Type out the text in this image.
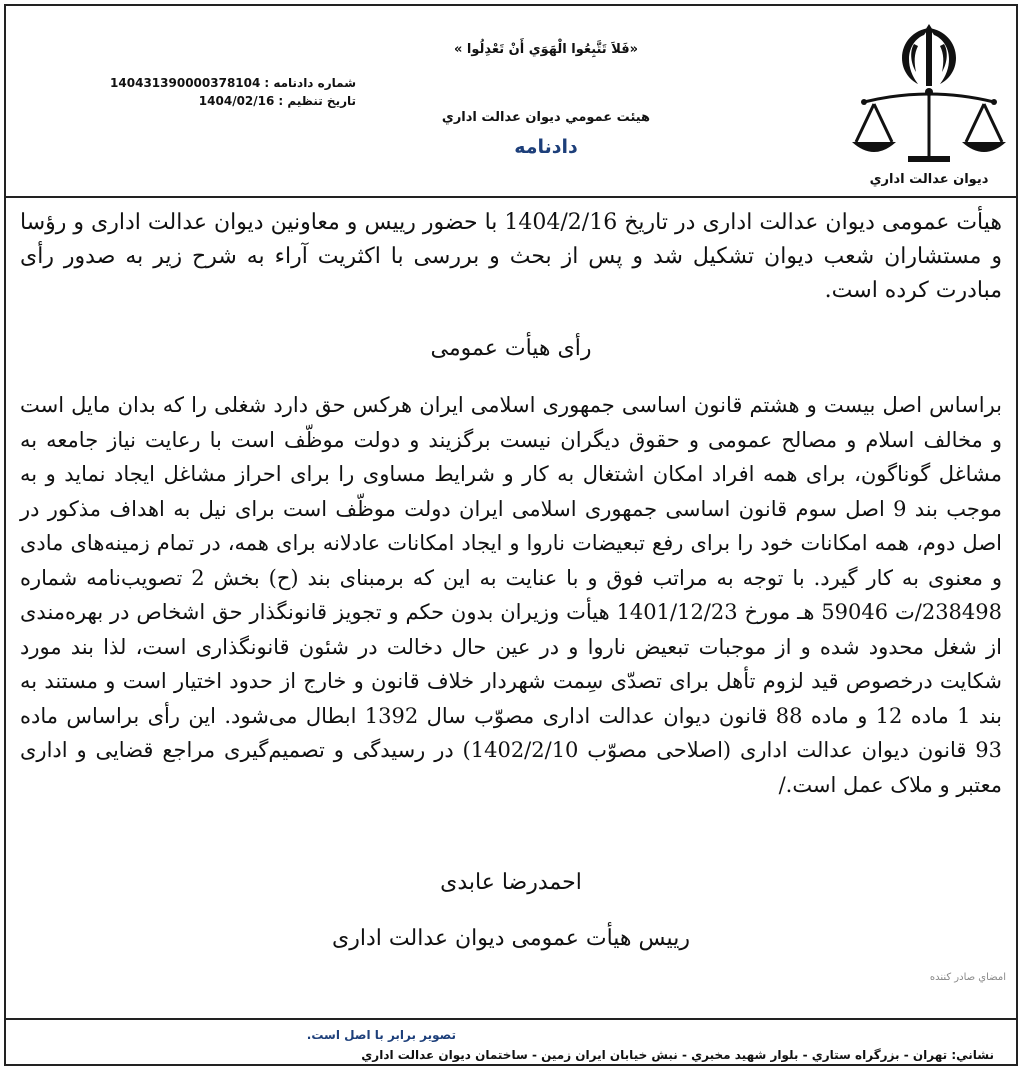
ديوان عدالت اداري
«فَلاَ تَتَّبِعُوا الْهَوَي أَنْ تَعْدِلُوا »
هيئت عمومي ديوان عدالت اداري
دادنامه
شماره دادنامه :
140431390000378104
تاريخ تنظيم :
1404/02/16

هیأت عمومی دیوان عدالت اداری در تاریخ 1404/2/16 با حضور رییس و معاونین دیوان عدالت اداری و رؤسا و مستشاران شعب دیوان تشکیل شد و پس از بحث و بررسی با اکثریت آراء به شرح زیر به صدور رأی مبادرت کرده است.

رأی هیأت عمومی

براساس اصل بیست و هشتم قانون اساسی جمهوری اسلامی ایران هرکس حق دارد شغلی را که بدان مایل است و مخالف اسلام و مصالح عمومی و حقوق دیگران نیست برگزیند و دولت موظّف است با رعایت نیاز جامعه به مشاغل گوناگون، برای همه افراد امکان اشتغال به کار و شرایط مساوی را برای احراز مشاغل ایجاد نماید و به موجب بند 9 اصل سوم قانون اساسی جمهوری اسلامی ایران دولت موظّف است برای نیل به اهداف مذکور در اصل دوم، همه امکانات خود را برای رفع تبعیضات ناروا و ایجاد امکانات عادلانه برای همه، در تمام زمینه‌های مادی و معنوی به کار گیرد. با توجه به مراتب فوق و با عنایت به این که برمبنای بند (ح) بخش 2 تصویب‌نامه شماره 238498/ت 59046 هـ مورخ 1401/12/23 هیأت وزیران بدون حکم و تجویز قانونگذار حق اشخاص در بهره‌مندی از شغل محدود شده و از موجبات تبعیض ناروا و در عین حال دخالت در شئون قانونگذاری است، لذا بند مورد شکایت درخصوص قید لزوم تأهل برای تصدّی سِمت شهردار خلاف قانون و خارج از حدود اختیار است و مستند به بند 1 ماده 12 و ماده 88 قانون دیوان عدالت اداری مصوّب سال 1392 ابطال می‌شود. این رأی براساس ماده 93 قانون دیوان عدالت اداری (اصلاحی مصوّب 1402/2/10) در رسیدگی و تصمیم‌گیری مراجع قضایی و اداری معتبر و ملاک عمل است./

احمدرضا عابدی

رییس هیأت عمومی دیوان عدالت اداری

امضاي صادر كننده
تصوير برابر با اصل است.
نشاني: تهران - بزرگراه ستاري - بلوار شهيد مخبري - نبش خيابان ايران زمين - ساختمان ديوان عدالت اداري
